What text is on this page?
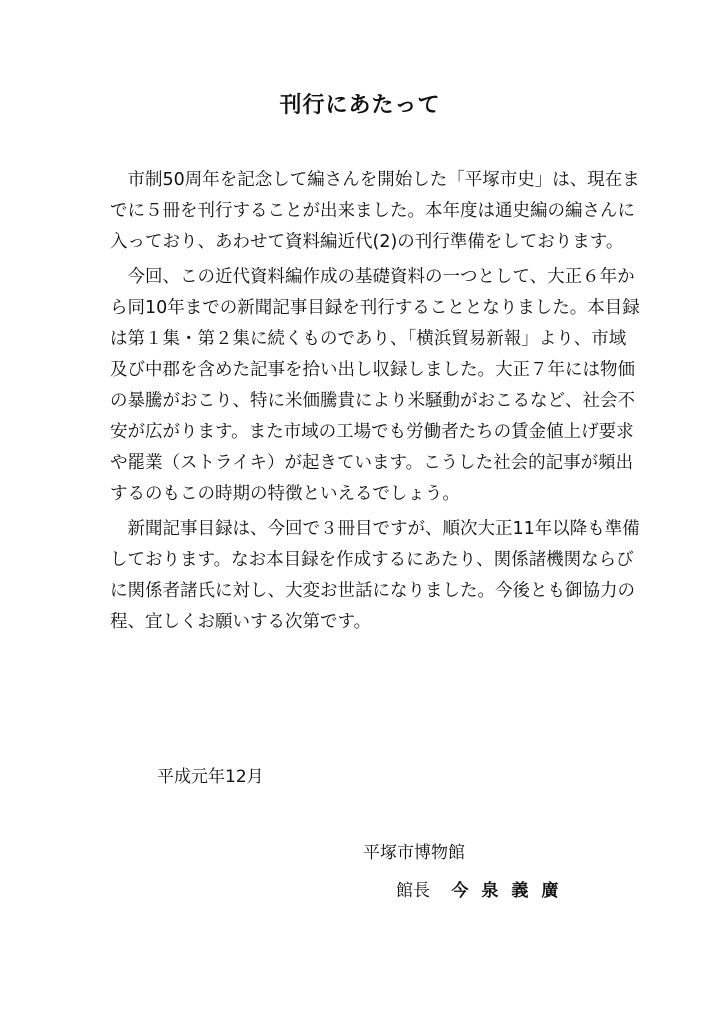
刊行にあたって

市制50周年を記念して編さんを開始した「平塚市史」は、現在ま
でに５冊を刊行することが出来ました。本年度は通史編の編さんに
入っており、あわせて資料編近代(2)の刊行準備をしております。

今回、この近代資料編作成の基礎資料の一つとして、大正６年か
ら同10年までの新聞記事目録を刊行することとなりました。本目録
は第１集・第２集に続くものであり、「横浜貿易新報」より、市域
及び中郡を含めた記事を拾い出し収録しました。大正７年には物価
の暴騰がおこり、特に米価騰貴により米騒動がおこるなど、社会不
安が広がります。また市域の工場でも労働者たちの賃金値上げ要求
や罷業（ストライキ）が起きています。こうした社会的記事が頻出
するのもこの時期の特徴といえるでしょう。

新聞記事目録は、今回で３冊目ですが、順次大正11年以降も準備
しております。なお本目録を作成するにあたり、関係諸機関ならび
に関係者諸氏に対し、大変お世話になりました。今後とも御協力の
程、宜しくお願いする次第です。

平成元年12月
平塚市博物館
館長 今泉義廣
